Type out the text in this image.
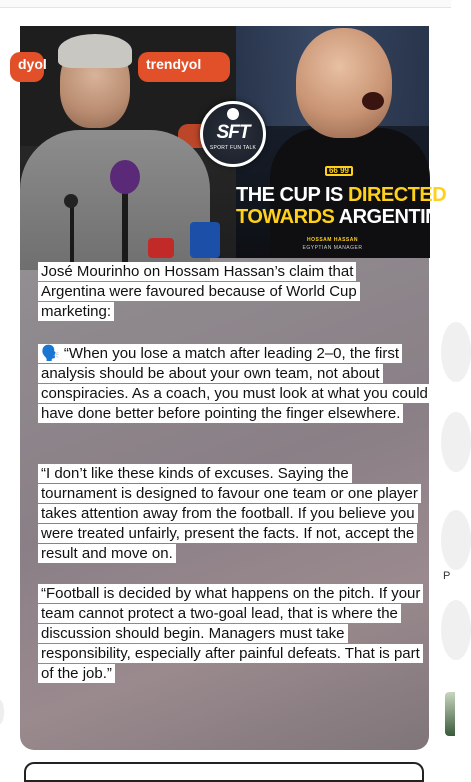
dyol	trendyol
66 99
THE CUP IS DIRECTED
TOWARDS ARGENTINA.
HOSSAM HASSAN
EGYPTIAN MANAGER
SFT
SPORT FUN TALK
José Mourinho on Hossam Hassan’s claim that Argentina were favoured because of World Cup marketing:
🗣️ “When you lose a match after leading 2–0, the first analysis should be about your own team, not about conspiracies. As a coach, you must look at what you could have done better before pointing the finger elsewhere.
“I don’t like these kinds of excuses. Saying the tournament is designed to favour one team or one player takes attention away from the football. If you believe you were treated unfairly, present the facts. If not, accept the result and move on.
“Football is decided by what happens on the pitch. If your team cannot protect a two-goal lead, that is where the discussion should begin. Managers must take responsibility, especially after painful defeats. That is part of the job.”
P
